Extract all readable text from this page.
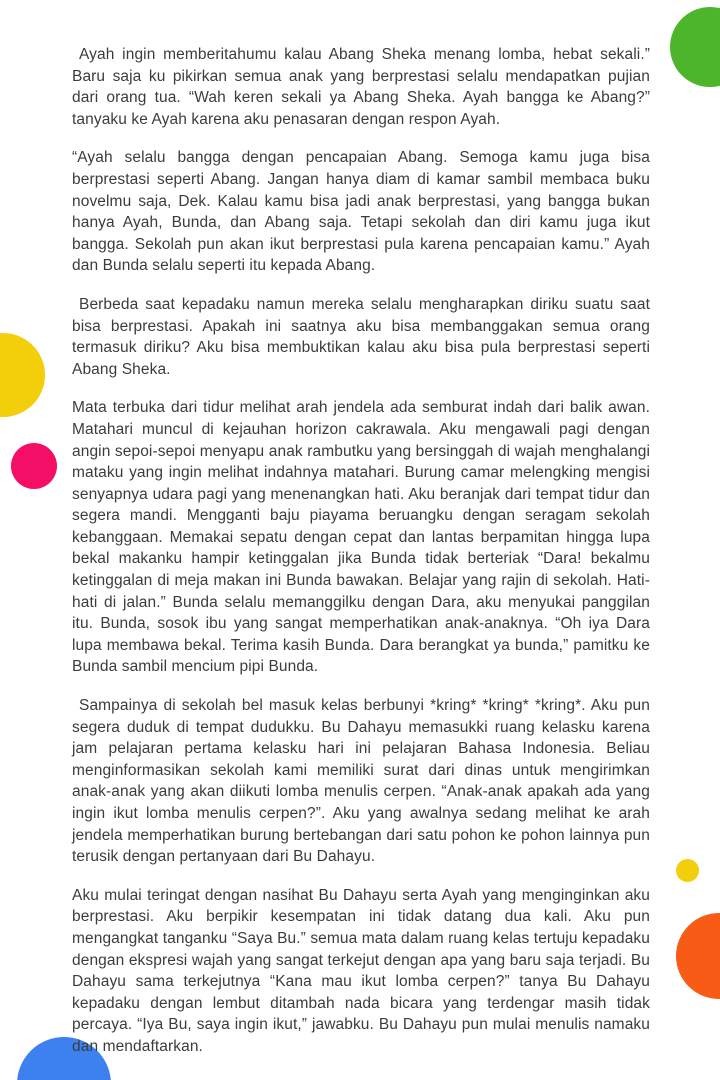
Ayah ingin memberitahumu kalau Abang Sheka menang lomba, hebat sekali.” Baru saja ku pikirkan semua anak yang berprestasi selalu mendapatkan pujian dari orang tua. “Wah keren sekali ya Abang Sheka. Ayah bangga ke Abang?” tanyaku ke Ayah karena aku penasaran dengan respon Ayah.

“Ayah selalu bangga dengan pencapaian Abang. Semoga kamu juga bisa berprestasi seperti Abang. Jangan hanya diam di kamar sambil membaca buku novelmu saja, Dek. Kalau kamu bisa jadi anak berprestasi, yang bangga bukan hanya Ayah, Bunda, dan Abang saja. Tetapi sekolah dan diri kamu juga ikut bangga. Sekolah pun akan ikut berprestasi pula karena pencapaian kamu.” Ayah dan Bunda selalu seperti itu kepada Abang.

Berbeda saat kepadaku namun mereka selalu mengharapkan diriku suatu saat bisa berprestasi. Apakah ini saatnya aku bisa membanggakan semua orang termasuk diriku? Aku bisa membuktikan kalau aku bisa pula berprestasi seperti Abang Sheka.

Mata terbuka dari tidur melihat arah jendela ada semburat indah dari balik awan. Matahari muncul di kejauhan horizon cakrawala. Aku mengawali pagi dengan angin sepoi-sepoi menyapu anak rambutku yang bersinggah di wajah menghalangi mataku yang ingin melihat indahnya matahari. Burung camar melengking mengisi senyapnya udara pagi yang menenangkan hati. Aku beranjak dari tempat tidur dan segera mandi. Mengganti baju piayama beruangku dengan seragam sekolah kebanggaan. Memakai sepatu dengan cepat dan lantas berpamitan hingga lupa bekal makanku hampir ketinggalan jika Bunda tidak berteriak “Dara! bekalmu ketinggalan di meja makan ini Bunda bawakan. Belajar yang rajin di sekolah. Hati-hati di jalan.” Bunda selalu memanggilku dengan Dara, aku menyukai panggilan itu. Bunda, sosok ibu yang sangat memperhatikan anak-anaknya. “Oh iya Dara lupa membawa bekal. Terima kasih Bunda. Dara berangkat ya bunda,” pamitku ke Bunda sambil mencium pipi Bunda.

Sampainya di sekolah bel masuk kelas berbunyi *kring* *kring* *kring*. Aku pun segera duduk di tempat dudukku. Bu Dahayu memasukki ruang kelasku karena jam pelajaran pertama kelasku hari ini pelajaran Bahasa Indonesia. Beliau menginformasikan sekolah kami memiliki surat dari dinas untuk mengirimkan anak-anak yang akan diikuti lomba menulis cerpen. “Anak-anak apakah ada yang ingin ikut lomba menulis cerpen?”. Aku yang awalnya sedang melihat ke arah jendela memperhatikan burung bertebangan dari satu pohon ke pohon lainnya pun terusik dengan pertanyaan dari Bu Dahayu.

Aku mulai teringat dengan nasihat Bu Dahayu serta Ayah yang menginginkan aku berprestasi. Aku berpikir kesempatan ini tidak datang dua kali. Aku pun mengangkat tanganku “Saya Bu.” semua mata dalam ruang kelas tertuju kepadaku dengan ekspresi wajah yang sangat terkejut dengan apa yang baru saja terjadi. Bu Dahayu sama terkejutnya “Kana mau ikut lomba cerpen?” tanya Bu Dahayu kepadaku dengan lembut ditambah nada bicara yang terdengar masih tidak percaya. “Iya Bu, saya ingin ikut,” jawabku. Bu Dahayu pun mulai menulis namaku dan mendaftarkan.
